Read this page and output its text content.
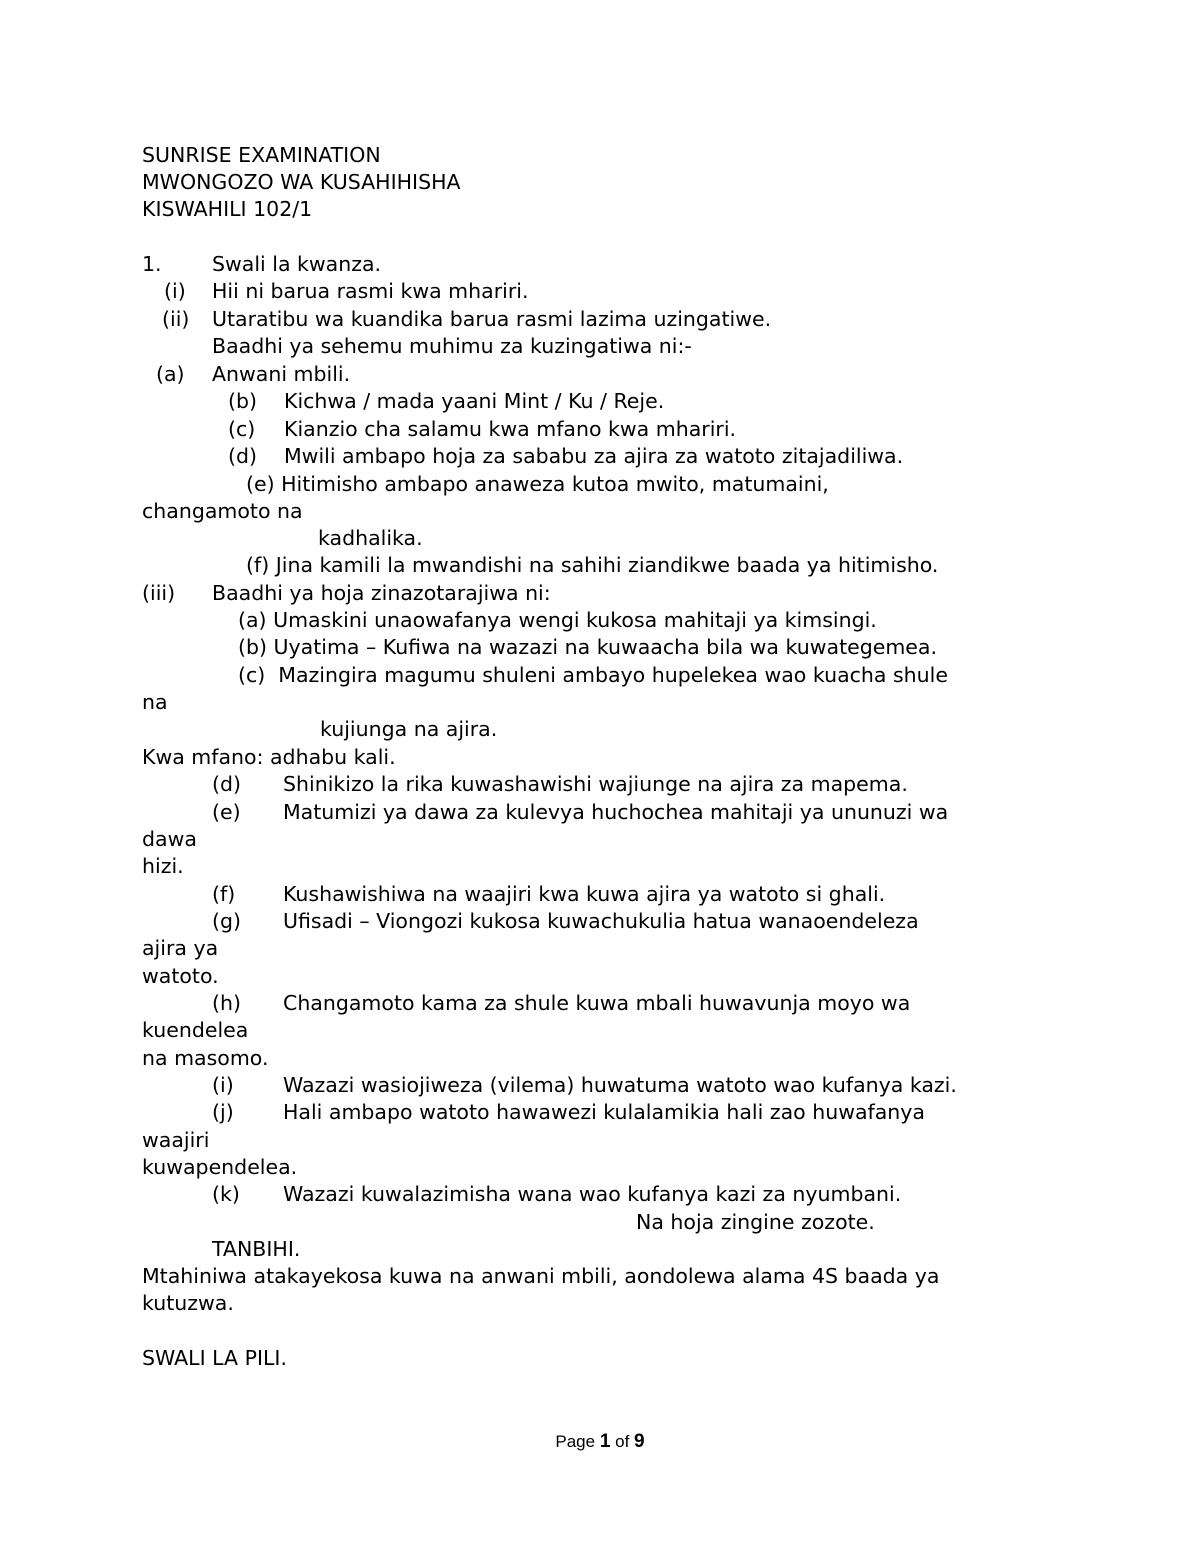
SUNRISE EXAMINATION
MWONGOZO WA KUSAHIHISHA
KISWAHILI 102/1
1. Swali la kwanza.
(i) Hii ni barua rasmi kwa mhariri.
(ii) Utaratibu wa kuandika barua rasmi lazima uzingatiwe.
Baadhi ya sehemu muhimu za kuzingatiwa ni:-
(a) Anwani mbili.
(b) Kichwa / mada yaani Mint / Ku / Reje.
(c) Kianzio cha salamu kwa mfano kwa mhariri.
(d) Mwili ambapo hoja za sababu za ajira za watoto zitajadiliwa.
(e) Hitimisho ambapo anaweza kutoa mwito, matumaini,
changamoto na
kadhalika.
(f) Jina kamili la mwandishi na sahihi ziandikwe baada ya hitimisho.
(iii) Baadhi ya hoja zinazotarajiwa ni:
(a) Umaskini unaowafanya wengi kukosa mahitaji ya kimsingi.
(b) Uyatima – Kufiwa na wazazi na kuwaacha bila wa kuwategemea.
(c)  Mazingira magumu shuleni ambayo hupelekea wao kuacha shule
na
kujiunga na ajira.
Kwa mfano: adhabu kali.
(d) Shinikizo la rika kuwashawishi wajiunge na ajira za mapema.
(e) Matumizi ya dawa za kulevya huchochea mahitaji ya ununuzi wa
dawa
hizi.
(f) Kushawishiwa na waajiri kwa kuwa ajira ya watoto si ghali.
(g) Ufisadi – Viongozi kukosa kuwachukulia hatua wanaoendeleza
ajira ya
watoto.
(h) Changamoto kama za shule kuwa mbali huwavunja moyo wa
kuendelea
na masomo.
(i) Wazazi wasiojiweza (vilema) huwatuma watoto wao kufanya kazi.
(j) Hali ambapo watoto hawawezi kulalamikia hali zao huwafanya
waajiri
kuwapendelea.
(k) Wazazi kuwalazimisha wana wao kufanya kazi za nyumbani.
Na hoja zingine zozote.
TANBIHI.
Mtahiniwa atakayekosa kuwa na anwani mbili, aondolewa alama 4S baada ya
kutuzwa.
SWALI LA PILI.
Page 1 of 9
